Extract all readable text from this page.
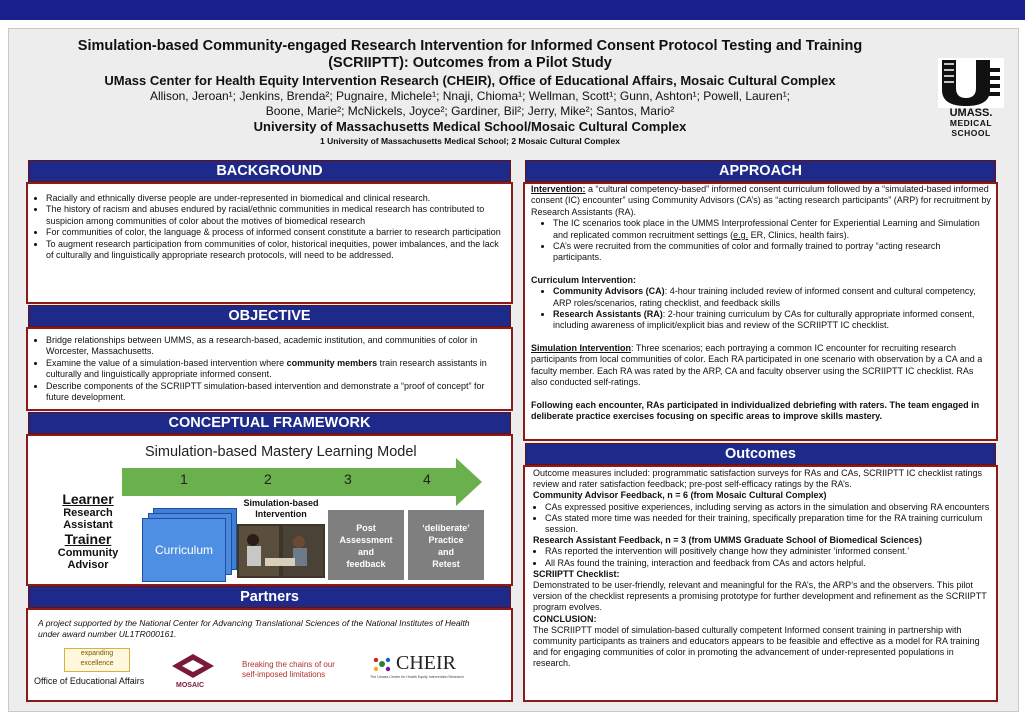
Simulation-based Community-engaged Research Intervention for Informed Consent Protocol Testing and Training
(SCRIIPTT): Outcomes from a Pilot Study
UMass Center for Health Equity Intervention Research (CHEIR), Office of Educational Affairs, Mosaic Cultural Complex
Allison, Jeroan¹; Jenkins, Brenda²; Pugnaire, Michele¹; Nnaji, Chioma¹; Wellman, Scott¹; Gunn, Ashton¹; Powell, Lauren¹;
Boone, Marie²; McNickels, Joyce²; Gardiner, Bil²; Jerry, Mike²; Santos, Mario²
University of Massachusetts Medical School/Mosaic Cultural Complex
1 University of Massachusetts Medical School; 2 Mosaic Cultural Complex
UMASS.
MEDICAL
SCHOOL
BACKGROUND
• Racially and ethnically diverse people are under-represented in biomedical and clinical research.
• The history of racism and abuses endured by racial/ethnic communities in medical research has contributed to suspicion among communities of color about the motives of biomedical research
• For communities of color, the language & process of informed consent constitute a barrier to research participation
• To augment research participation from communities of color, historical inequities, power imbalances, and the lack of culturally and linguistically appropriate research protocols, will need to be addressed.
OBJECTIVE
• Bridge relationships between UMMS, as a research-based, academic institution, and communities of color in Worcester, Massachusetts.
• Examine the value of a simulation-based intervention where community members train research assistants in culturally and linguistically appropriate informed consent.
• Describe components of the SCRIIPTT simulation-based intervention and demonstrate a “proof of concept” for future development.
CONCEPTUAL FRAMEWORK
Simulation-based Mastery Learning Model
1	2	3	4
Learner
Research
Assistant
Trainer
Community
Advisor
Curriculum
Simulation-based
Intervention
Post
Assessment
and
feedback
‘deliberate’
Practice
and
Retest
Partners
A project supported by the National Center for Advancing Translational Sciences of the National Institutes of Health under award number UL1TR000161.
expanding
excellence
Office of Educational Affairs	MOSAIC
Breaking the chains of our
self-imposed limitations
CHEIR
The Umass Center for Health Equity Intervention Research
APPROACH

Intervention: a “cultural competency-based” informed consent curriculum followed by a “simulated-based informed consent (IC) encounter” using Community Advisors (CA’s) as “acting research participants” (ARP) for recruitment by Research Assistants (RA).

• The IC scenarios took place in the UMMS Interprofessional Center for Experiential Learning and Simulation and replicated common recruitment settings (e.g. ER, Clinics, health fairs).
• CA’s were recruited from the communities of color and formally trained to portray “acting research participants.

Curriculum Intervention:

• Community Advisors (CA): 4-hour training included review of informed consent and cultural competency, ARP roles/scenarios, rating checklist, and feedback skills
• Research Assistants (RA): 2-hour training curriculum by CAs for culturally appropriate informed consent, including awareness of implicit/explicit bias and review of the SCRIIPTT IC checklist.

Simulation Intervention: Three scenarios; each portraying a common IC encounter for recruiting research participants from local communities of color. Each RA participated in one scenario with observation by a CA and a faculty member. Each RA was rated by the ARP, CA and faculty observer using the SCRIIPTT IC checklist. RAs also conducted self-ratings.

Following each encounter, RAs participated in individualized debriefing with raters. The team engaged in deliberate practice exercises focusing on specific areas to improve skills mastery.

Outcomes

Outcome measures included: programmatic satisfaction surveys for RAs and CAs, SCRIIPTT IC checklist ratings review and rater satisfaction feedback; pre-post self-efficacy ratings by the RA’s.

Community Advisor Feedback, n = 6 (from Mosaic Cultural Complex)

• CAs expressed positive experiences, including serving as actors in the simulation and observing RA encounters
• CAs stated more time was needed for their training, specifically preparation time for the RA training curriculum session.

Research Assistant Feedback, n = 3 (from UMMS Graduate School of Biomedical Sciences)

• RAs reported the intervention will positively change how they administer ‘informed consent.’
• All RAs found the training, interaction and feedback from CAs and actors helpful.

SCRIIPTT Checklist:

Demonstrated to be user-friendly, relevant and meaningful for the RA’s, the ARP’s and the observers. This pilot version of the checklist represents a promising prototype for further development and refinement as the SCRIIPTT program evolves.

CONCLUSION:

The SCRIIPTT model of simulation-based culturally competent Informed consent training in partnership with community participants as trainers and educators appears to be feasible and effective as a model for RA training and for engaging communities of color in promoting the advancement of under-represented populations in research.
